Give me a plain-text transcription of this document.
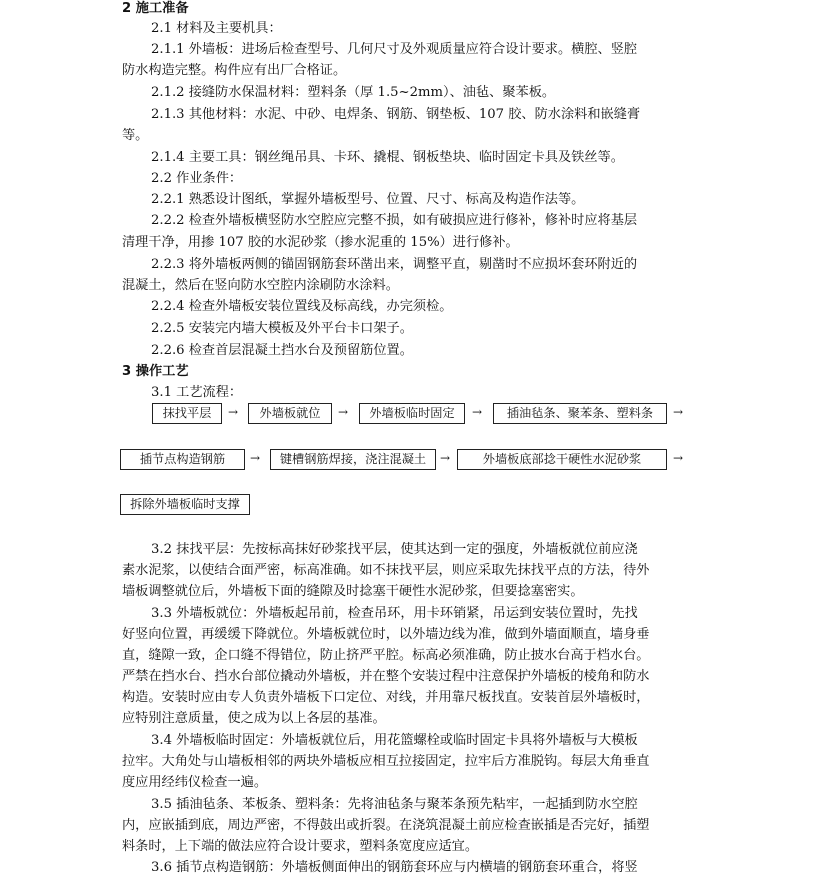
2 施工准备
2.1 材料及主要机具：
2.1.1 外墙板：进场后检查型号、几何尺寸及外观质量应符合设计要求。横腔、竖腔
防水构造完整。构件应有出厂合格证。
2.1.2 接缝防水保温材料：塑料条（厚 1.5~2mm）、油毡、聚苯板。
2.1.3 其他材料：水泥、中砂、电焊条、钢筋、钢垫板、107 胶、防水涂料和嵌缝膏
等。
2.1.4 主要工具：钢丝绳吊具、卡环、撬棍、钢板垫块、临时固定卡具及铁丝等。
2.2 作业条件：
2.2.1 熟悉设计图纸，掌握外墙板型号、位置、尺寸、标高及构造作法等。
2.2.2 检查外墙板横竖防水空腔应完整不损，如有破损应进行修补，修补时应将基层
清理干净，用掺 107 胶的水泥砂浆（掺水泥重的 15%）进行修补。
2.2.3 将外墙板两侧的锚固钢筋套环凿出来，调整平直，剔凿时不应损坏套环附近的
混凝土，然后在竖向防水空腔内涂刷防水涂料。
2.2.4 检查外墙板安装位置线及标高线，办完须检。
2.2.5 安装完内墙大模板及外平台卡口架子。
2.2.6 检查首层混凝土挡水台及预留筋位置。
3 操作工艺
3.1 工艺流程：
抹找平层	→	外墙板就位	→	外墙板临时固定	→	插油毡条、聚苯条、塑料条	→
插节点构造钢筋	→	键槽钢筋焊接，浇注混凝土	→	外墙板底部捻干硬性水泥砂浆	→
拆除外墙板临时支撑
3.2 抹找平层：先按标高抹好砂浆找平层，使其达到一定的强度，外墙板就位前应浇
素水泥浆，以使结合面严密，标高准确。如不抹找平层，则应采取先抹找平点的方法，待外
墙板调整就位后，外墙板下面的缝隙及时捻塞干硬性水泥砂浆，但要捻塞密实。
3.3 外墙板就位：外墙板起吊前，检查吊环，用卡环销紧，吊运到安装位置时，先找
好竖向位置，再缓缓下降就位。外墙板就位时，以外墙边线为准，做到外墙面顺直，墙身垂
直，缝隙一致，企口缝不得错位，防止挤严平腔。标高必须准确，防止披水台高于档水台。
严禁在挡水台、挡水台部位撬动外墙板，并在整个安装过程中注意保护外墙板的棱角和防水
构造。安装时应由专人负责外墙板下口定位、对线，并用靠尺板找直。安装首层外墙板时，
应特别注意质量，使之成为以上各层的基准。
3.4 外墙板临时固定：外墙板就位后，用花篮螺栓或临时固定卡具将外墙板与大模板
拉牢。大角处与山墙板相邻的两块外墙板应相互拉接固定，拉牢后方准脱钩。每层大角垂直
度应用经纬仪检查一遍。
3.5 插油毡条、苯板条、塑料条：先将油毡条与聚苯条预先粘牢，一起插到防水空腔
内，应嵌插到底，周边严密，不得鼓出或折裂。在浇筑混凝土前应检查嵌插是否完好，插塑
料条时，上下端的做法应符合设计要求，塑料条宽度应适宜。
3.6 插节点构造钢筋：外墙板侧面伸出的钢筋套环应与内横墙的钢筋套环重合，将竖
